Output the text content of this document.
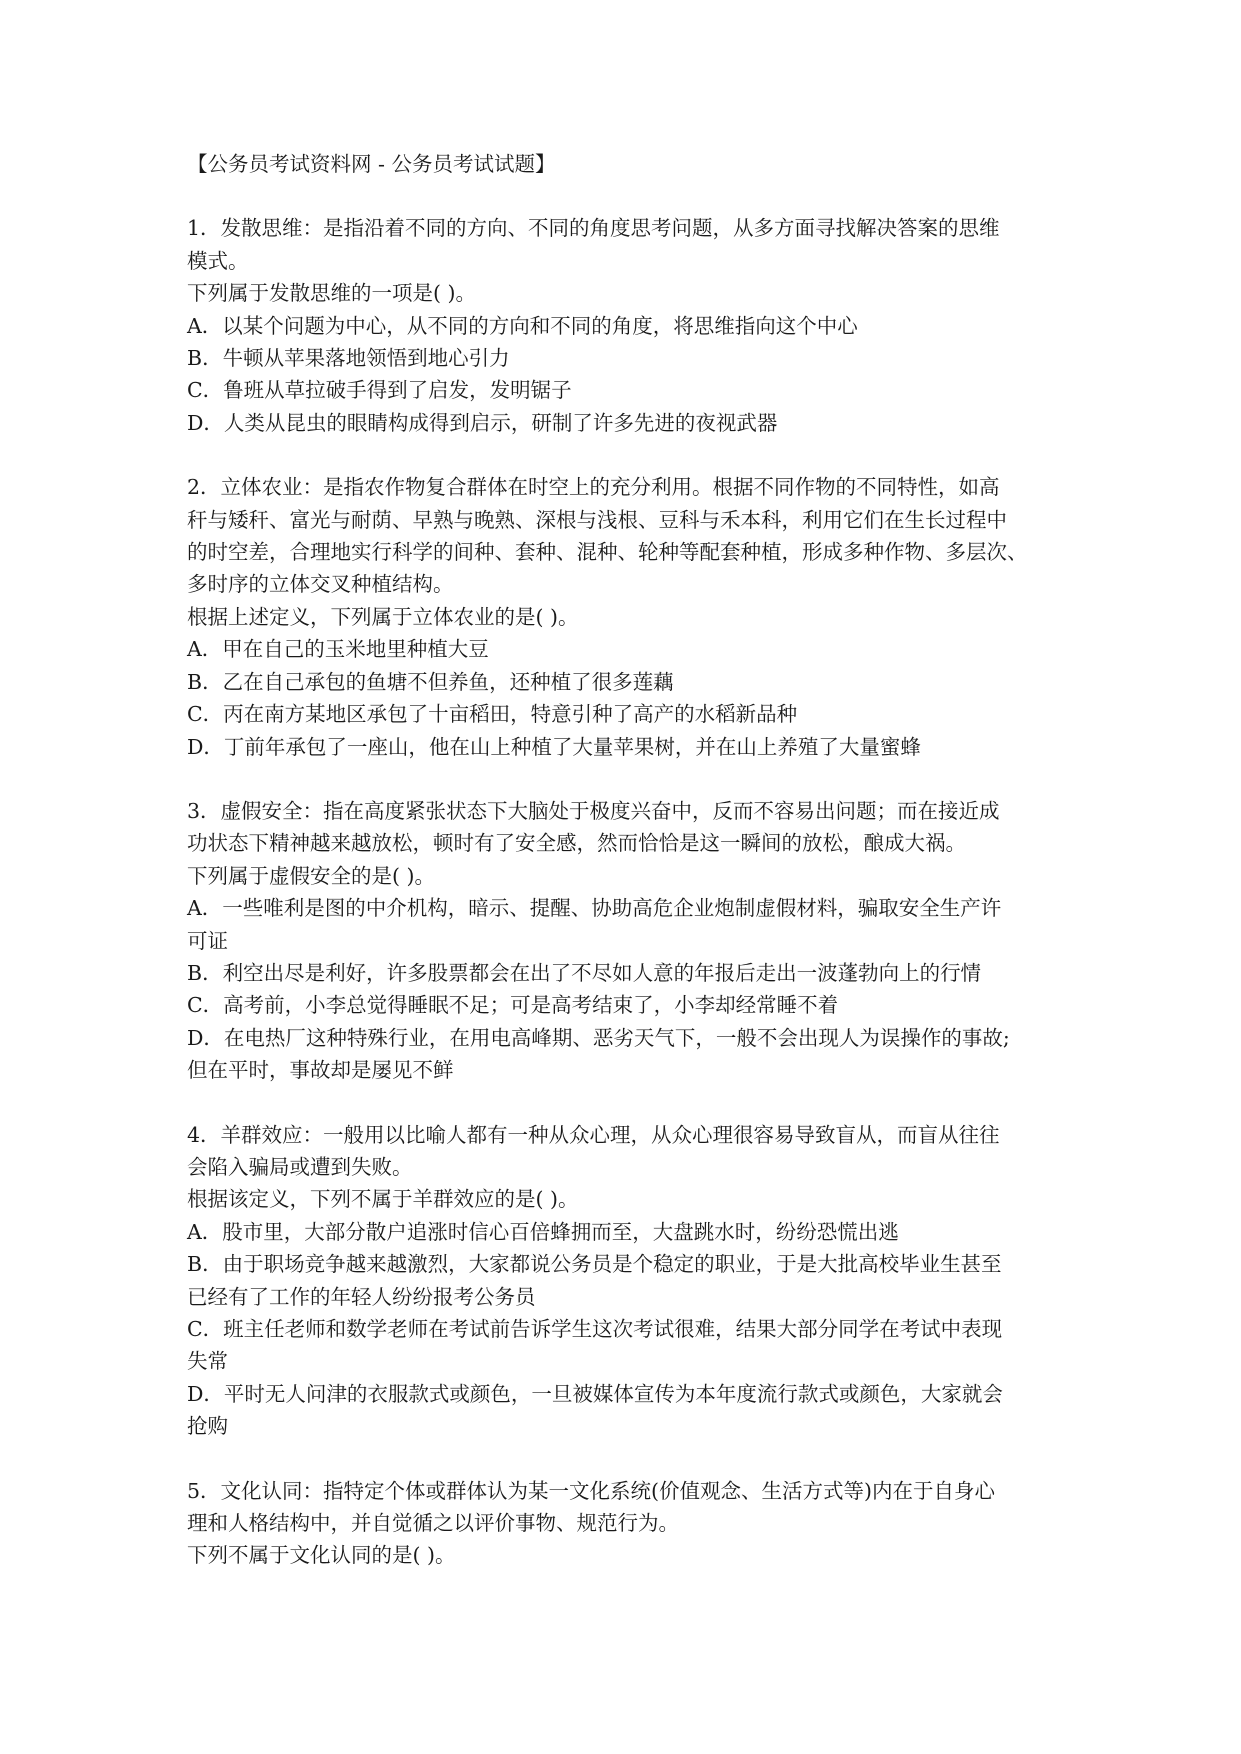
【公务员考试资料网 - 公务员考试试题】
1．发散思维：是指沿着不同的方向、不同的角度思考问题，从多方面寻找解决答案的思维
模式。
下列属于发散思维的一项是( )。
A．以某个问题为中心，从不同的方向和不同的角度，将思维指向这个中心
B．牛顿从苹果落地领悟到地心引力
C．鲁班从草拉破手得到了启发，发明锯子
D．人类从昆虫的眼睛构成得到启示，研制了许多先进的夜视武器
2．立体农业：是指农作物复合群体在时空上的充分利用。根据不同作物的不同特性，如高
秆与矮秆、富光与耐荫、早熟与晚熟、深根与浅根、豆科与禾本科，利用它们在生长过程中
的时空差，合理地实行科学的间种、套种、混种、轮种等配套种植，形成多种作物、多层次、
多时序的立体交叉种植结构。
根据上述定义，下列属于立体农业的是( )。
A．甲在自己的玉米地里种植大豆
B．乙在自己承包的鱼塘不但养鱼，还种植了很多莲藕
C．丙在南方某地区承包了十亩稻田，特意引种了高产的水稻新品种
D．丁前年承包了一座山，他在山上种植了大量苹果树，并在山上养殖了大量蜜蜂
3．虚假安全：指在高度紧张状态下大脑处于极度兴奋中，反而不容易出问题；而在接近成
功状态下精神越来越放松，顿时有了安全感，然而恰恰是这一瞬间的放松，酿成大祸。
下列属于虚假安全的是( )。
A．一些唯利是图的中介机构，暗示、提醒、协助高危企业炮制虚假材料，骗取安全生产许
可证
B．利空出尽是利好，许多股票都会在出了不尽如人意的年报后走出一波蓬勃向上的行情
C．高考前，小李总觉得睡眠不足；可是高考结束了，小李却经常睡不着
D．在电热厂这种特殊行业，在用电高峰期、恶劣天气下，一般不会出现人为误操作的事故;
但在平时，事故却是屡见不鲜
4．羊群效应：一般用以比喻人都有一种从众心理，从众心理很容易导致盲从，而盲从往往
会陷入骗局或遭到失败。
根据该定义，下列不属于羊群效应的是( )。
A．股市里，大部分散户追涨时信心百倍蜂拥而至，大盘跳水时，纷纷恐慌出逃
B．由于职场竞争越来越激烈，大家都说公务员是个稳定的职业，于是大批高校毕业生甚至
已经有了工作的年轻人纷纷报考公务员
C．班主任老师和数学老师在考试前告诉学生这次考试很难，结果大部分同学在考试中表现
失常
D．平时无人问津的衣服款式或颜色，一旦被媒体宣传为本年度流行款式或颜色，大家就会
抢购
5．文化认同：指特定个体或群体认为某一文化系统(价值观念、生活方式等)内在于自身心
理和人格结构中，并自觉循之以评价事物、规范行为。
下列不属于文化认同的是( )。
